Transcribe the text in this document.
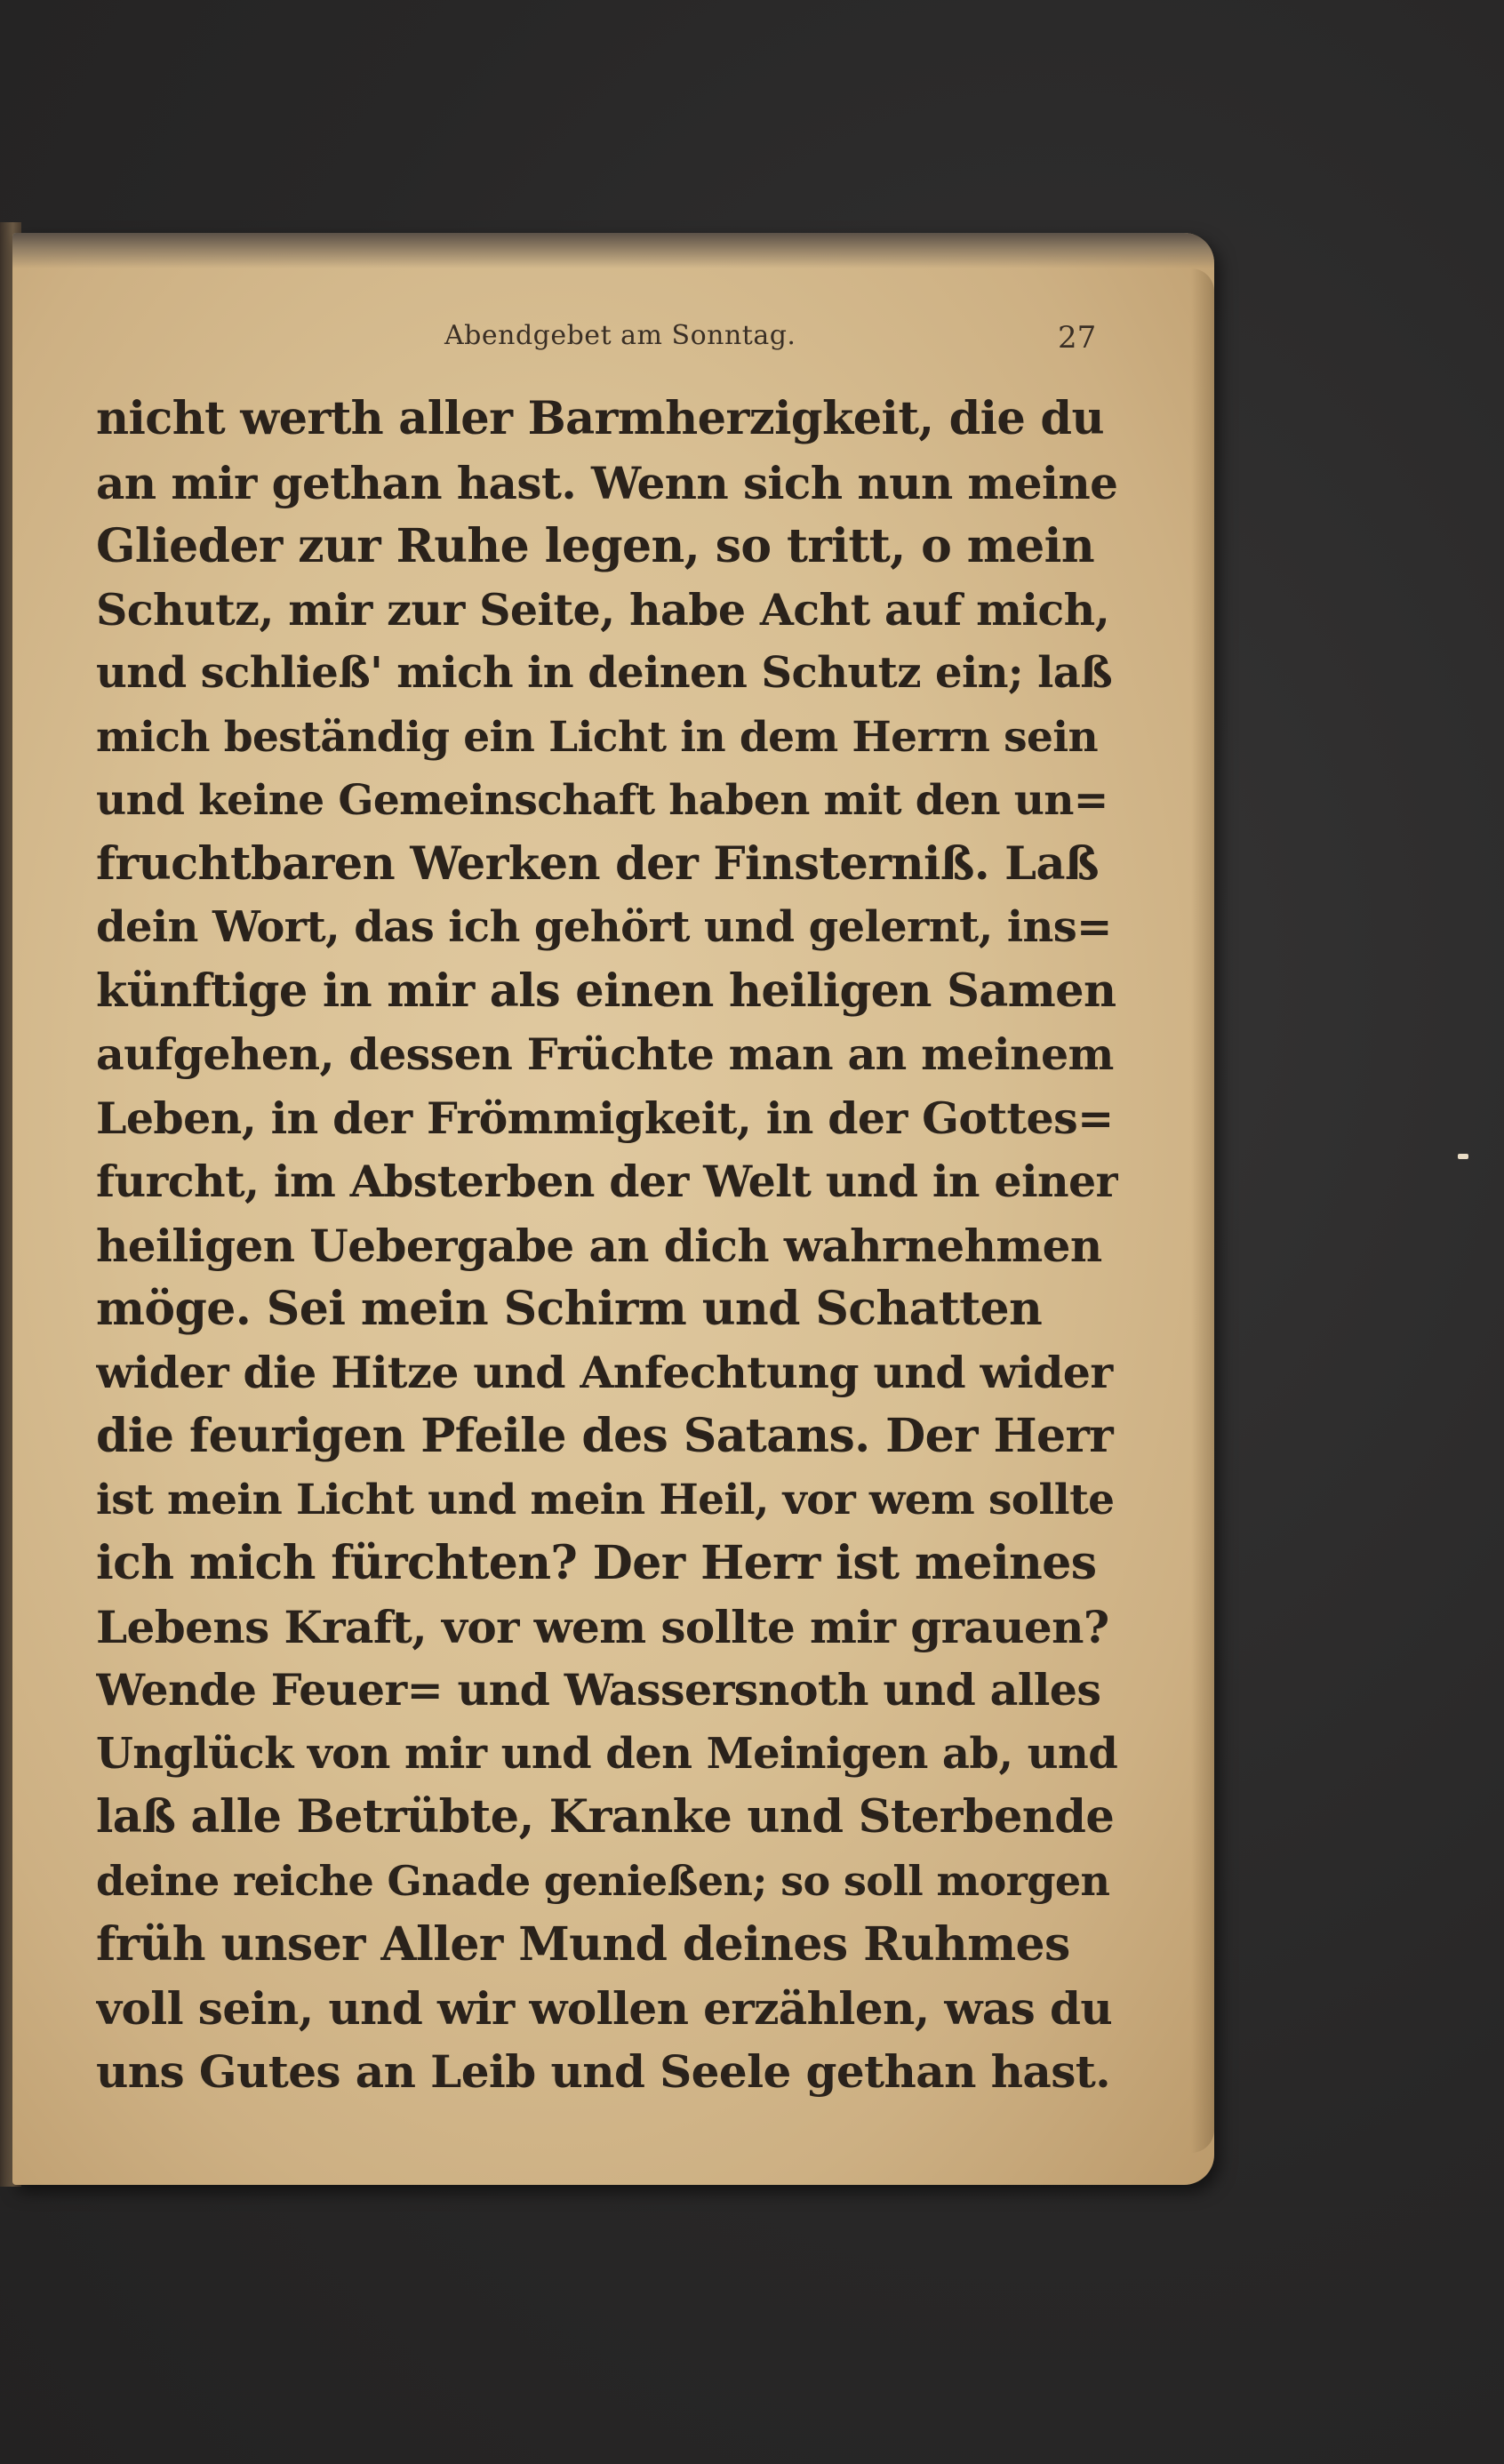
Abendgebet am Sonntag.	27
nicht werth aller Barmherzigkeit, die du
an mir gethan hast. Wenn sich nun meine
Glieder zur Ruhe legen, so tritt, o mein
Schutz, mir zur Seite, habe Acht auf mich,
und schließ' mich in deinen Schutz ein; laß
mich beständig ein Licht in dem Herrn sein
und keine Gemeinschaft haben mit den un=
fruchtbaren Werken der Finsterniß. Laß
dein Wort, das ich gehört und gelernt, ins=
künftige in mir als einen heiligen Samen
aufgehen, dessen Früchte man an meinem
Leben, in der Frömmigkeit, in der Gottes=
furcht, im Absterben der Welt und in einer
heiligen Uebergabe an dich wahrnehmen
möge. Sei mein Schirm und Schatten
wider die Hitze und Anfechtung und wider
die feurigen Pfeile des Satans. Der Herr
ist mein Licht und mein Heil, vor wem sollte
ich mich fürchten? Der Herr ist meines
Lebens Kraft, vor wem sollte mir grauen?
Wende Feuer= und Wassersnoth und alles
Unglück von mir und den Meinigen ab, und
laß alle Betrübte, Kranke und Sterbende
deine reiche Gnade genießen; so soll morgen
früh unser Aller Mund deines Ruhmes
voll sein, und wir wollen erzählen, was du
uns Gutes an Leib und Seele gethan hast.
